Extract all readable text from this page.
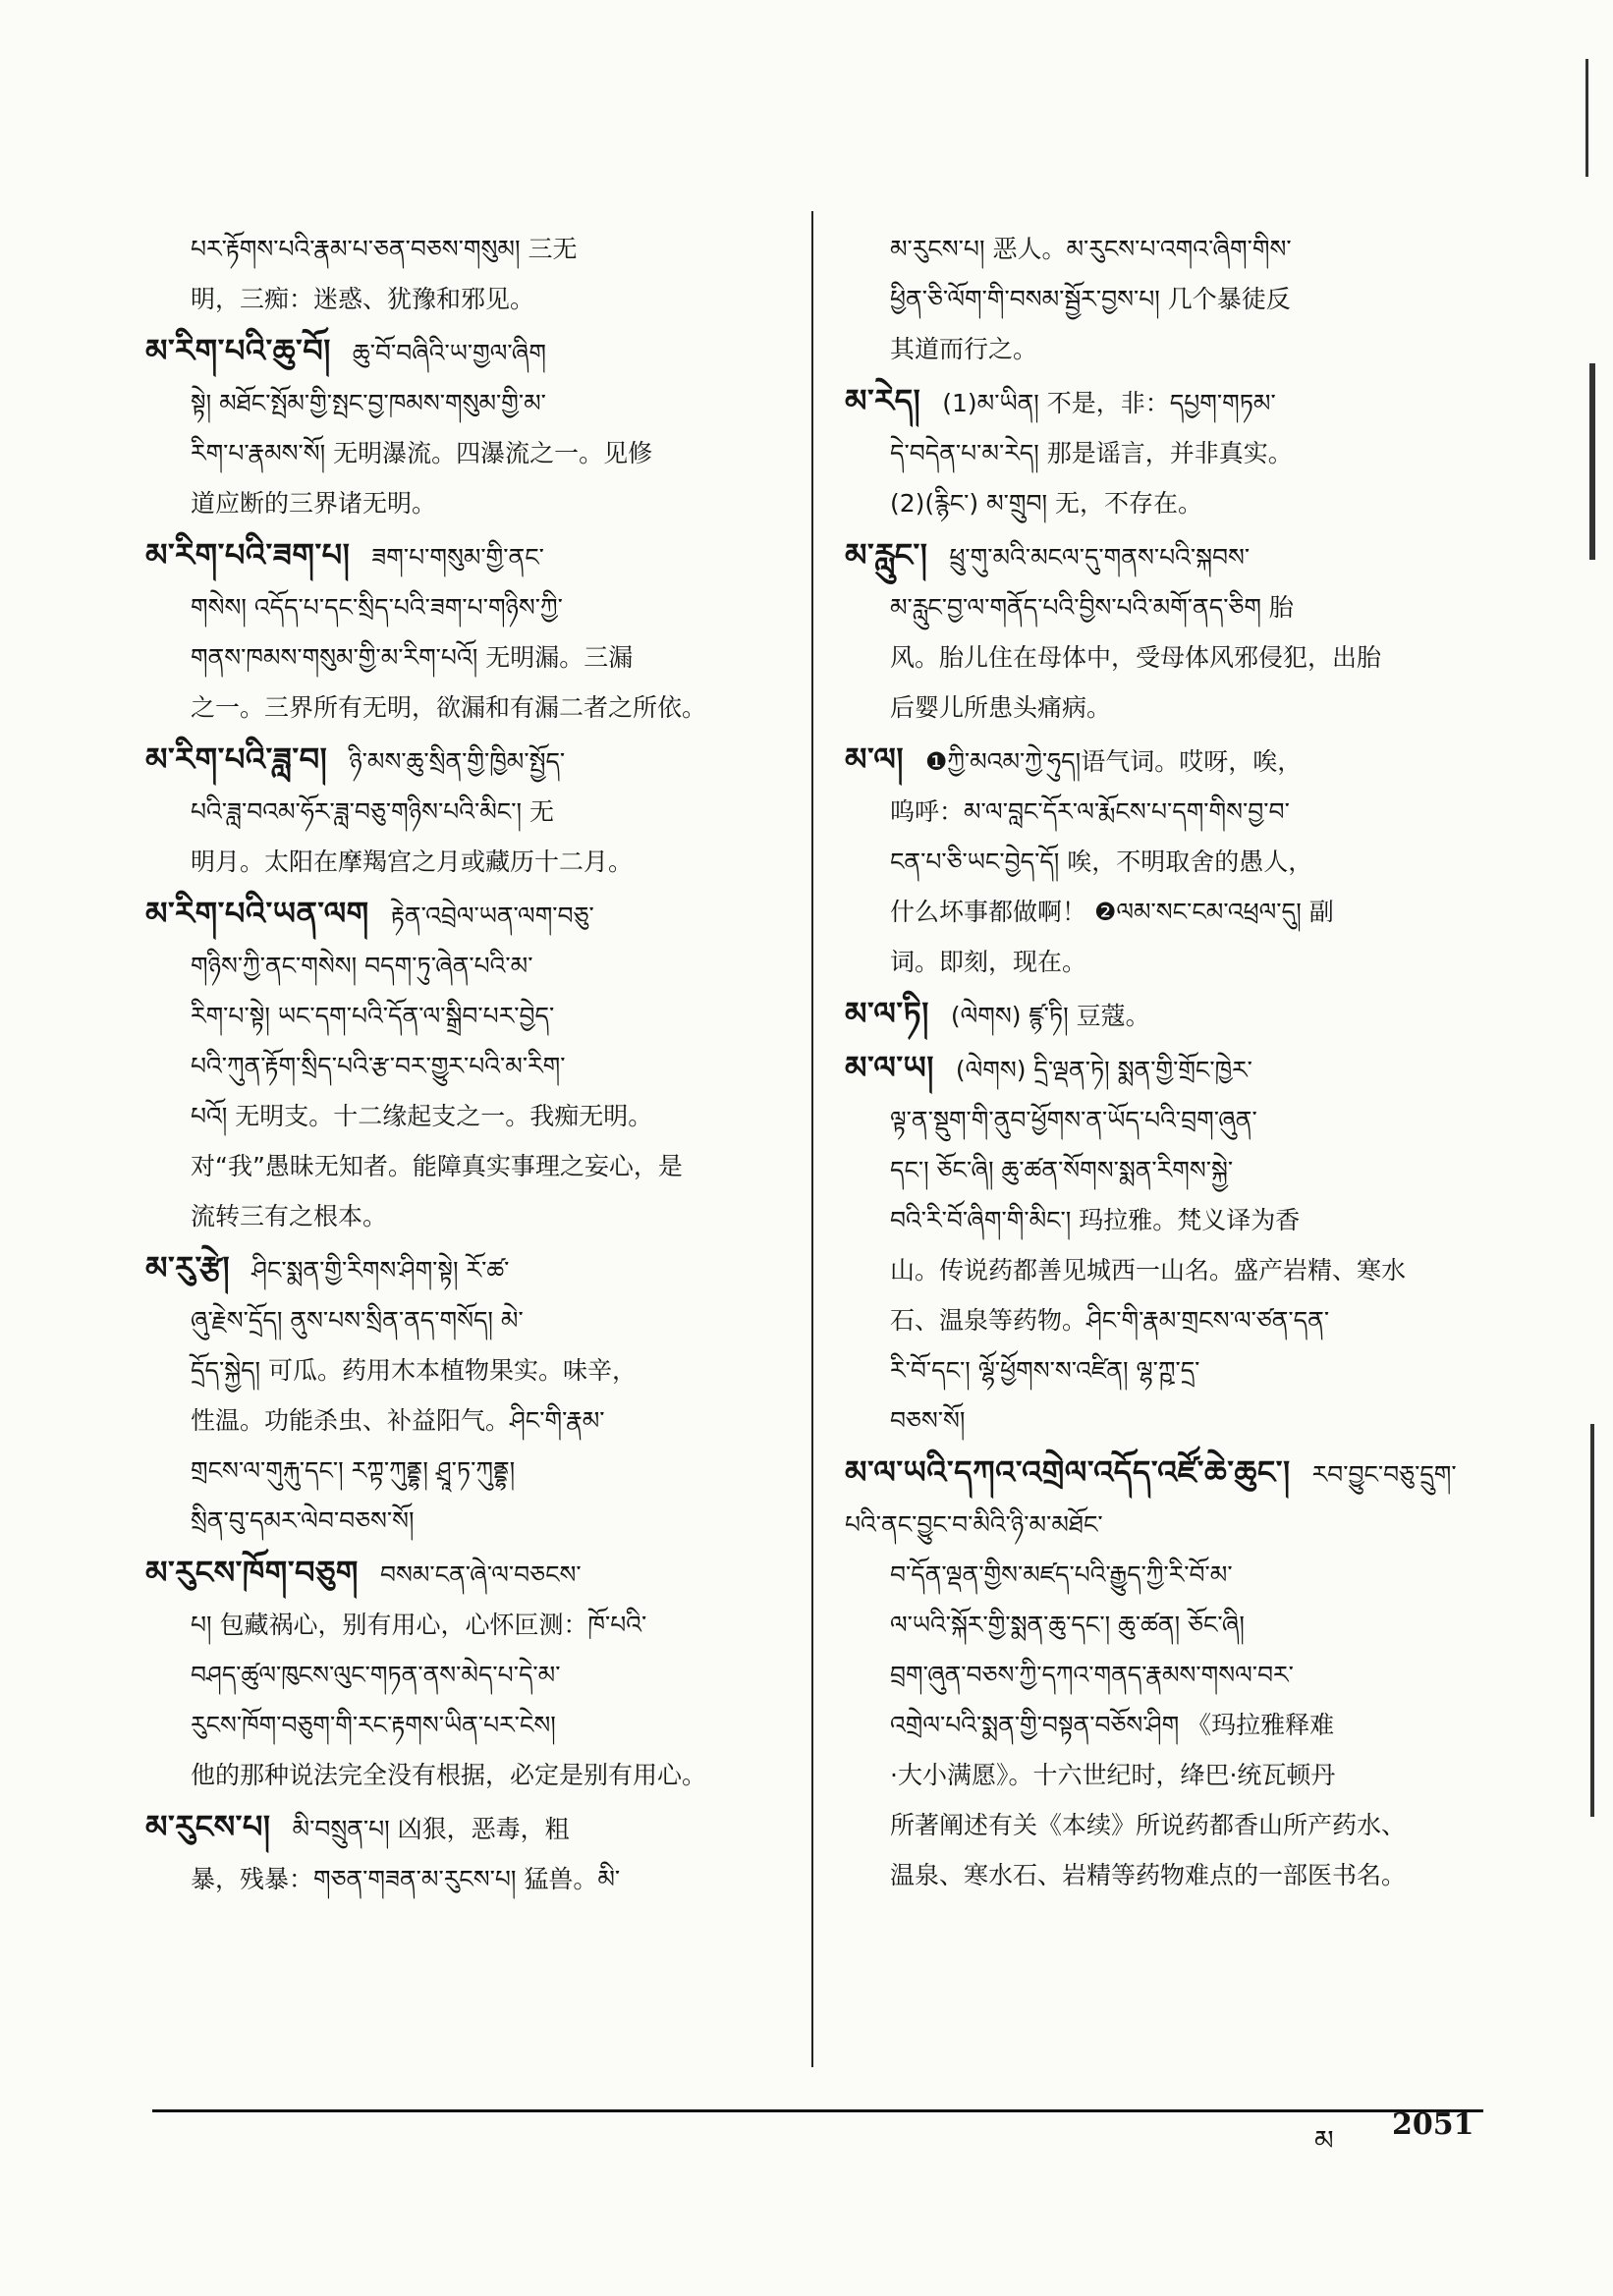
པར་རྟོགས་པའི་རྣམ་པ་ཅན་བཅས་གསུམ། 三无
明，三痴：迷惑、犹豫和邪见。
མ་རིག་པའི་ཆུ་བོ། ཆུ་བོ་བཞིའི་ཡ་གྱལ་ཞིག
སྟེ། མཐོང་སྤོམ་གྱི་སྤང་བྱ་ཁམས་གསུམ་གྱི་མ་
རིག་པ་རྣམས་སོ། 无明瀑流。四瀑流之一。见修
道应断的三界诸无明。
མ་རིག་པའི་ཟག་པ། ཟག་པ་གསུམ་གྱི་ནང་
གསེས། འདོད་པ་དང་སྲིད་པའི་ཟག་པ་གཉིས་ཀྱི་
གནས་ཁམས་གསུམ་གྱི་མ་རིག་པའོ། 无明漏。三漏
之一。三界所有无明，欲漏和有漏二者之所依。
མ་རིག་པའི་ཟླ་བ། ཉི་མས་ཆུ་སྲིན་གྱི་ཁྱིམ་སྤྱོད་
པའི་ཟླ་བའམ་ཧོར་ཟླ་བཅུ་གཉིས་པའི་མིང་། 无
明月。太阳在摩羯宫之月或藏历十二月。
མ་རིག་པའི་ཡན་ལག རྟེན་འབྲེལ་ཡན་ལག་བཅུ་
གཉིས་ཀྱི་ནང་གསེས། བདག་ཏུ་ཞེན་པའི་མ་
རིག་པ་སྟེ། ཡང་དག་པའི་དོན་ལ་སྒྲིབ་པར་བྱེད་
པའི་ཀུན་རྟོག་སྲིད་པའི་རྩ་བར་གྱུར་པའི་མ་རིག་
པའོ། 无明支。十二缘起支之一。我痴无明。
对“我”愚昧无知者。能障真实事理之妄心，是
流转三有之根本。
མ་རུ་རྩེ། ཤིང་སྨན་གྱི་རིགས་ཤིག་སྟེ། རོ་ཚ་
ཞུ་རྗེས་དྲོད། ནུས་པས་སྲིན་ནད་གསོད། མེ་
དྲོད་སྐྱེད། 可瓜。药用木本植物果实。味辛，
性温。功能杀虫、补益阳气。ཤིང་གི་རྣམ་
གྲངས་ལ་གུརྐུ་དང་། རཀྟ་ཀུནྡྷ། ཤྲཱ་ཏ་ཀུནྡྷ།
སྲིན་བུ་དམར་ལེབ་བཅས་སོ།
མ་རུངས་ཁོག་བཅུག བསམ་ངན་ཞེ་ལ་བཅངས་
པ། 包藏祸心，别有用心，心怀叵测：ཁོ་པའི་
བཤད་ཚུལ་ཁུངས་ལུང་གཏན་ནས་མེད་པ་དེ་མ་
རུངས་ཁོག་བཅུག་གི་རང་རྟགས་ཡིན་པར་ངེས།
他的那种说法完全没有根据，必定是别有用心。
མ་རུངས་པ། མི་བསྲུན་པ། 凶狠，恶毒，粗
暴，残暴：གཅན་གཟན་མ་རུངས་པ། 猛兽。མི་
མ་རུངས་པ། 恶人。མ་རུངས་པ་འགའ་ཞིག་གིས་
ཕྱིན་ཅི་ལོག་གི་བསམ་སྦྱོར་བྱས་པ། 几个暴徒反
其道而行之。
མ་རེད། (1)མ་ཡིན། 不是，非：དཔྱག་གཏམ་
དེ་བདེན་པ་མ་རེད། 那是谣言，并非真实。
(2)(རྙིང་) མ་གྲུབ། 无，不存在。
མ་རླུང་། ཕྲུ་གུ་མའི་མངལ་དུ་གནས་པའི་སྐབས་
མ་རླུང་བྱ་ལ་གནོད་པའི་བྱིས་པའི་མགོ་ནད་ཅིག 胎
风。胎儿住在母体中，受母体风邪侵犯，出胎
后婴儿所患头痛病。
མ་ལ། ❶ཀྱི་མའམ་ཀྱེ་ཧུད།语气词。哎呀，唉，
呜呼：མ་ལ་བླང་དོར་ལ་རྨོངས་པ་དག་གིས་བྱ་བ་
ངན་པ་ཅི་ཡང་བྱེད་དོ། 唉，不明取舍的愚人，
什么坏事都做啊！ ❷ལམ་སང་ངམ་འཕྲལ་དུ། 副
词。即刻，现在。
མ་ལ་ཏི། (ལེགས) ཛྙ་ཏི། 豆蔻。
མ་ལ་ཡ། (ལེགས) དྲི་ལྡན་ཏེ། སྨན་གྱི་གྲོང་ཁྱེར་
ལྟ་ན་སྡུག་གི་ནུབ་ཕྱོགས་ན་ཡོད་པའི་བྲག་ཞུན་
དང་། ཅོང་ཞི། ཆུ་ཚན་སོགས་སྨན་རིགས་སྐྱེ་
བའི་རི་བོ་ཞིག་གི་མིང་། 玛拉雅。梵义译为香
山。传说药都善见城西一山名。盛产岩精、寒水
石、温泉等药物。ཤིང་གི་རྣམ་གྲངས་ལ་ཙན་དན་
རི་བོ་དང་། ལྷོ་ཕྱོགས་ས་འཛིན། ལྷ་ཀྵ་དྲ་
བཅས་སོ།
མ་ལ་ཡའི་དཀའ་འགྲེལ་འདོད་འཛོ་ཆེ་ཆུང་། རབ་བྱུང་བཅུ་དྲུག་པའི་ནང་བྱུང་བ་མིའི་ཉི་མ་མཐོང་
བ་དོན་ལྡན་གྱིས་མཛད་པའི་རྒྱུད་ཀྱི་རི་བོ་མ་
ལ་ཡའི་སྐོར་གྱི་སྨན་ཆུ་དང་། ཆུ་ཚན། ཅོང་ཞི།
བྲག་ཞུན་བཅས་ཀྱི་དཀའ་གནད་རྣམས་གསལ་བར་
འགྲེལ་པའི་སྨན་གྱི་བསྟན་བཅོས་ཤིག 《玛拉雅释难
·大小满愿》。十六世纪时，绛巴·统瓦顿丹
所著阐述有关《本续》所说药都香山所产药水、
温泉、寒水石、岩精等药物难点的一部医书名。
མ 2051
